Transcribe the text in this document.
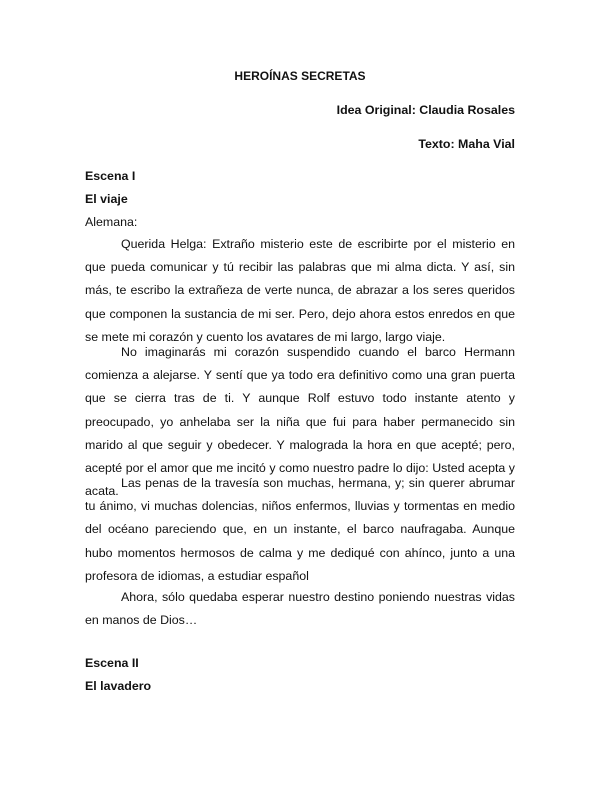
HEROÍNAS SECRETAS
Idea Original: Claudia Rosales
Texto: Maha Vial
Escena I
El viaje
Alemana:

Querida Helga: Extraño misterio este de escribirte por el misterio en que pueda comunicar y tú recibir las palabras que mi alma dicta. Y así, sin más, te escribo la extrañeza de verte nunca, de abrazar a los seres queridos que componen la sustancia de mi ser. Pero, dejo ahora estos enredos en que se mete mi corazón y cuento los avatares de mi largo, largo viaje.

No imaginarás mi corazón suspendido cuando el barco Hermann comienza a alejarse. Y sentí que ya todo era definitivo como una gran puerta que se cierra tras de ti. Y aunque Rolf estuvo todo instante atento y preocupado, yo anhelaba ser la niña que fui para haber permanecido sin marido al que seguir y obedecer. Y malograda la hora en que acepté; pero, acepté por el amor que me incitó y como nuestro padre lo dijo: Usted acepta y acata.

Las penas de la travesía son muchas, hermana, y; sin querer abrumar tu ánimo, vi muchas dolencias, niños enfermos, lluvias y tormentas en medio del océano pareciendo que, en un instante, el barco naufragaba. Aunque hubo momentos hermosos de calma y me dediqué con ahínco, junto a una profesora de idiomas, a estudiar español

Ahora, sólo quedaba esperar nuestro destino poniendo nuestras vidas en manos de Dios…

Escena II
El lavadero
